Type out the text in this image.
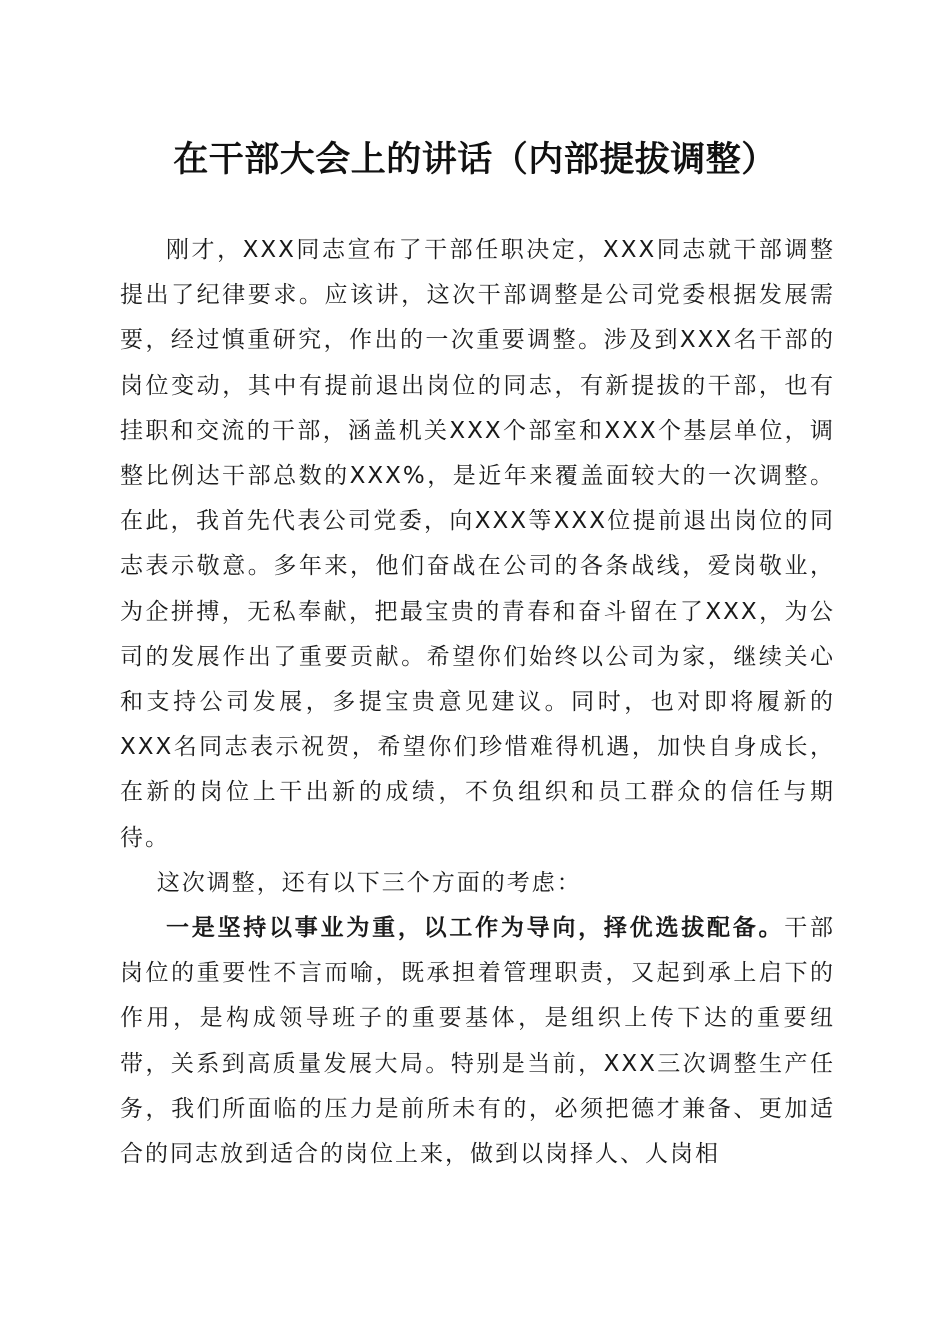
在干部大会上的讲话（内部提拔调整）

刚才，XXX同志宣布了干部任职决定，XXX同志就干部调整提出了纪律要求。应该讲，这次干部调整是公司党委根据发展需要，经过慎重研究，作出的一次重要调整。涉及到XXX名干部的岗位变动，其中有提前退出岗位的同志，有新提拔的干部，也有挂职和交流的干部，涵盖机关XXX个部室和XXX个基层单位，调整比例达干部总数的XXX%，是近年来覆盖面较大的一次调整。在此，我首先代表公司党委，向XXX等XXX位提前退出岗位的同志表示敬意。多年来，他们奋战在公司的各条战线，爱岗敬业，为企拼搏，无私奉献，把最宝贵的青春和奋斗留在了XXX，为公司的发展作出了重要贡献。希望你们始终以公司为家，继续关心和支持公司发展，多提宝贵意见建议。同时，也对即将履新的XXX名同志表示祝贺，希望你们珍惜难得机遇，加快自身成长，在新的岗位上干出新的成绩，不负组织和员工群众的信任与期待。

这次调整，还有以下三个方面的考虑：

一是坚持以事业为重，以工作为导向，择优选拔配备。干部岗位的重要性不言而喻，既承担着管理职责，又起到承上启下的作用，是构成领导班子的重要基体，是组织上传下达的重要纽带，关系到高质量发展大局。特别是当前，XXX三次调整生产任务，我们所面临的压力是前所未有的，必须把德才兼备、更加适合的同志放到适合的岗位上来，做到以岗择人、人岗相
